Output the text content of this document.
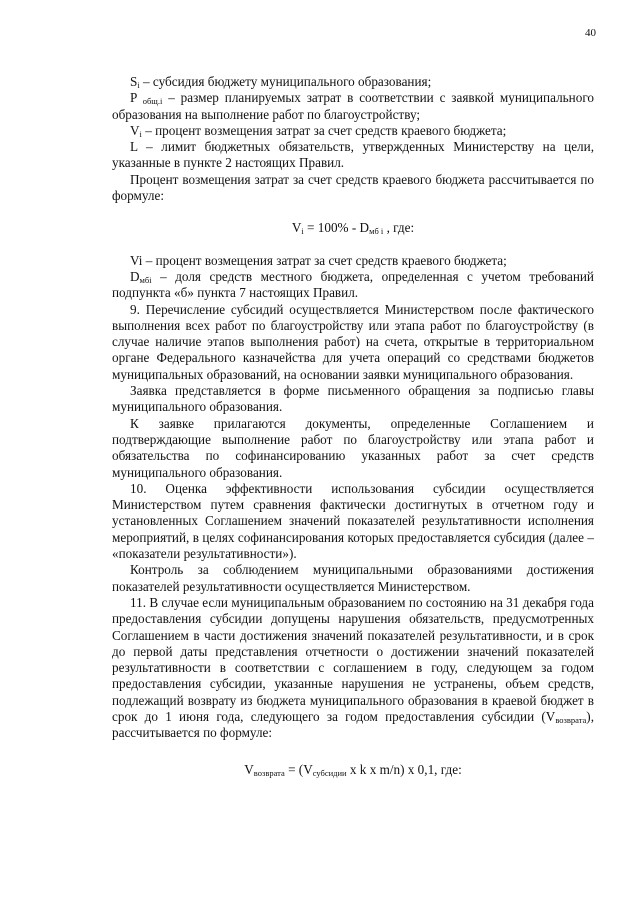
40

$S_i$ – субсидия бюджету муниципального образования;

P $_{общ.i}$ – размер планируемых затрат в соответствии с заявкой муниципального образования на выполнение работ по благоустройству;

$V_i$ – процент возмещения затрат за счет средств краевого бюджета;

L – лимит бюджетных обязательств, утвержденных Министерству на цели, указанные в пункте 2 настоящих Правил.

Процент возмещения затрат за счет средств краевого бюджета рассчитывается по формуле:

$V_i = 100\% - D_{мб i}$ , где:

Vi – процент возмещения затрат за счет средств краевого бюджета;

$D_{мбi}$ – доля средств местного бюджета, определенная с учетом требований подпункта «б» пункта 7 настоящих Правил.

9. Перечисление субсидий осуществляется Министерством после фактического выполнения всех работ по благоустройству или этапа работ по благоустройству (в случае наличие этапов выполнения работ) на счета, открытые в территориальном органе Федерального казначейства для учета операций со средствами бюджетов муниципальных образований, на основании заявки муниципального образования.

Заявка представляется в форме письменного обращения за подписью главы муниципального образования.

К заявке прилагаются документы, определенные Соглашением и подтверждающие выполнение работ по благоустройству или этапа работ и обязательства по софинансированию указанных работ за счет средств муниципального образования.

10. Оценка эффективности использования субсидии осуществляется Министерством путем сравнения фактически достигнутых в отчетном году и установленных Соглашением значений показателей результативности исполнения мероприятий, в целях софинансирования которых предоставляется субсидия (далее – «показатели результативности»).

Контроль за соблюдением муниципальными образованиями достижения показателей результативности осуществляется Министерством.

11. В случае если муниципальным образованием по состоянию на 31 декабря года предоставления субсидии допущены нарушения обязательств, предусмотренных Соглашением в части достижения значений показателей результативности, и в срок до первой даты представления отчетности о достижении значений показателей результативности в соответствии с соглашением в году, следующем за годом предоставления субсидии, указанные нарушения не устранены, объем средств, подлежащий возврату из бюджета муниципального образования в краевой бюджет в срок до 1 июня года, следующего за годом предоставления субсидии $(V_{возврата})$, рассчитывается по формуле:

$V_{возврата} = (V_{субсидии}$ x k x m/n) x 0,1, где:
